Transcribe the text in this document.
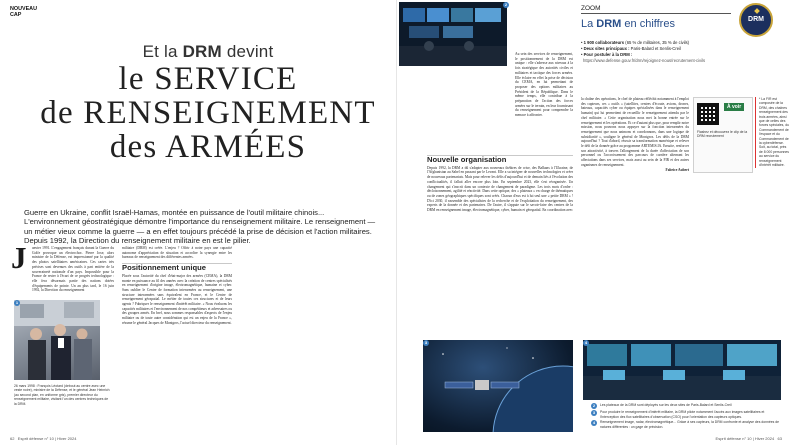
NOUVEAU CAP
Et la DRM devint
le SERVICE
de RENSEIGNEMENT
des ARMÉES
Guerre en Ukraine, conflit Israël-Hamas, montée en puissance de l'outil militaire chinois... L'environnement géostratégique démontre l'importance du renseignement militaire. Le renseignement — un métier vieux comme la guerre — a en effet toujours précédé la prise de décision et l'action militaires. Depuis 1992, la Direction du renseignement militaire en est le pilier.
J anvier 1991. L'engagement français durant la Guerre du Golfe provoque un électrochoc. Pierre Joxe, alors ministre de la Défense, est impressionné par la qualité des photos satellitaires américaines. Ces cartes très précises sont devenues des outils à part entière de la souveraineté nationale d'un pays. Impossible pour la France de rester à l'écart de ce progrès technologique : elle fera désormais partie des nations dotées d'équipements de pointe. Un an plus tard, le 16 juin 1992, la Direction du renseignement

militaire (DRM) est créée. L'enjeu ? Offrir à notre pays une capacité autonome d'appréciation de situation et accroître la synergie entre les bureaux de renseignement des différentes armées.

Positionnement unique

Placée sous l'autorité du chef d'état-major des armées (CEMA), la DRM monte en puissance au fil des années avec la création de centres spécialisés en renseignement d'origine image, électromagnétique, humaine et cyber. Sans oublier le Centre de formation interarmées au renseignement, une structure interarmées sans équivalent en France, et le Centre de renseignement géospatial. Le métier de toutes ces structures et de leurs agents ? Fabriquer le renseignement d'intérêt militaire. « Nous évaluons les capacités militaires et l'environnement de nos compétiteurs et adversaires ou des groupes armés. En bref, nous sommes responsables d'aspects de l'enjeu militaire ou de toute autre considération qui est un enjeu de la France », résume le général Jacques de Montgros, l'actuel directeur du renseignement.

1
26 mars 1998 : François Léotard (debout au centre avec une veste noire), ministre de la Défense, et le général Jean Heinrich (au second plan, en uniforme gris), premier directeur du renseignement militaire, visitant l'un des centres techniques de la DRM.
62 Esprit défense n° 10 | Hiver 2024
2

Au sein des services de renseignement, le positionnement de la DRM est unique : elle s'adresse aux niveaux à la fois stratégique des autorités civiles et militaires et tactique des forces armées. Elle éclaire en effet la prise de décision du CEMA, en lui permettant de proposer des options militaires au Président de la République. Dans le même temps, elle contribue à la préparation de l'action des forces armées sur le terrain, en leur fournissant du renseignement pour comprendre la menace à affronter.

Nouvelle organisation

Depuis 1992, la DRM a dû s'adapter aux nouveaux théâtres de crise, des Balkans à l'Ukraine, de l'Afghanistan au Sahel en passant par le Levant. Elle a su intégrer de nouvelles technologies et créer de nouveaux partenariats. Mais pour relever les défis d'aujourd'hui et de demain liés à l'évolution des conflictualités, il fallait aller encore plus loin. En septembre 2023, elle s'est réorganisée. Un changement qui s'inscrit dans un contexte de changement de paradigme. Les trois mots d'ordre : décloisonnement, agilité et réactivité. Dans cette optique, des « plateaux » en charge de thématiques ou de zones géographiques spécifiques sont créés. Chacun d'eux est à lui seul une « petite DRM » ! D'ici 2030, il rassemble des spécialistes de la recherche et de l'exploitation du renseignement, des experts de la donnée et des partenaires. De l'autre, il s'appuie sur le savoir-faire des centres de la DRM en renseignement image, électromagnétique, cyber, humain et géospatial. En coordination avec

ZOOM
La DRM en chiffres
• 1 900 collaborateurs (65 % de militaires, 35 % de civils)
• Deux sites principaux : Paris-Balard et Senlis-Creil
• Pour postuler à la DRM :
https://www.defense.gouv.fr/drm/rejoignez-nous/recrutement-civils
DRM

la chaîne des opérations, le chef de plateau réfléchit notamment à l'emploi des capteurs, ces « outils » (satellites, centres d'écoute, avions, drones, bateaux, capacités cyber ou équipes spécialisées dans le renseignement humain) qui lui permettent de recueillir le renseignement attendu par le chef militaire. « Cette organisation nous met la bonne entrée sur le renseignement et les opérations. Et ce d'autant plus que, pour remplir notre mission, nous pouvons nous appuyer sur la fonction interarmées du renseignement que nous animons et coordonnons, dans une logique de subsidiarité », souligne le général de Montgros. Les défis de la DRM aujourd'hui ? Tout d'abord, réussir sa transformation numérique et relever le défi de la donnée grâce au programme ARTEMIS.IA. Ensuite, renforcer son attractivité, à travers l'allongement de la durée d'affectation de son personnel ou l'accroissement des parcours de carrière alternant les affectations dans ses services, mais aussi au sein de la FIR et des autres organismes de renseignement.

Fabrice Aubert

À voir
Flashez et découvrez le clip de la DRM recrutement
* La FIR est composée de la DRM, des chaînes renseignement des trois armées, ainsi que de celles des forces spéciales, du Commandement de l'espace et du Commandement de la cyberdéfense. Soit, au total, près de 8 000 personnes au service du renseignement d'intérêt militaire.
3	4
2	Les plateaux de la DRM sont déployés sur les deux sites de Paris-Balard et Senlis-Creil
3	Pour produire le renseignement d'intérêt militaire, la DRM pilote notamment l'accès aux images satellitaires et l'interception des flux satellitaires d'observation (CSO) pour l'orientation des capteurs optiques.
4	Renseignement image, radar, électromagnétique... Grâce à ses capteurs, la DRM confronte et analyse des données de natures différentes : un gage de précision.
Esprit défense n° 10 | Hiver 2024 63
